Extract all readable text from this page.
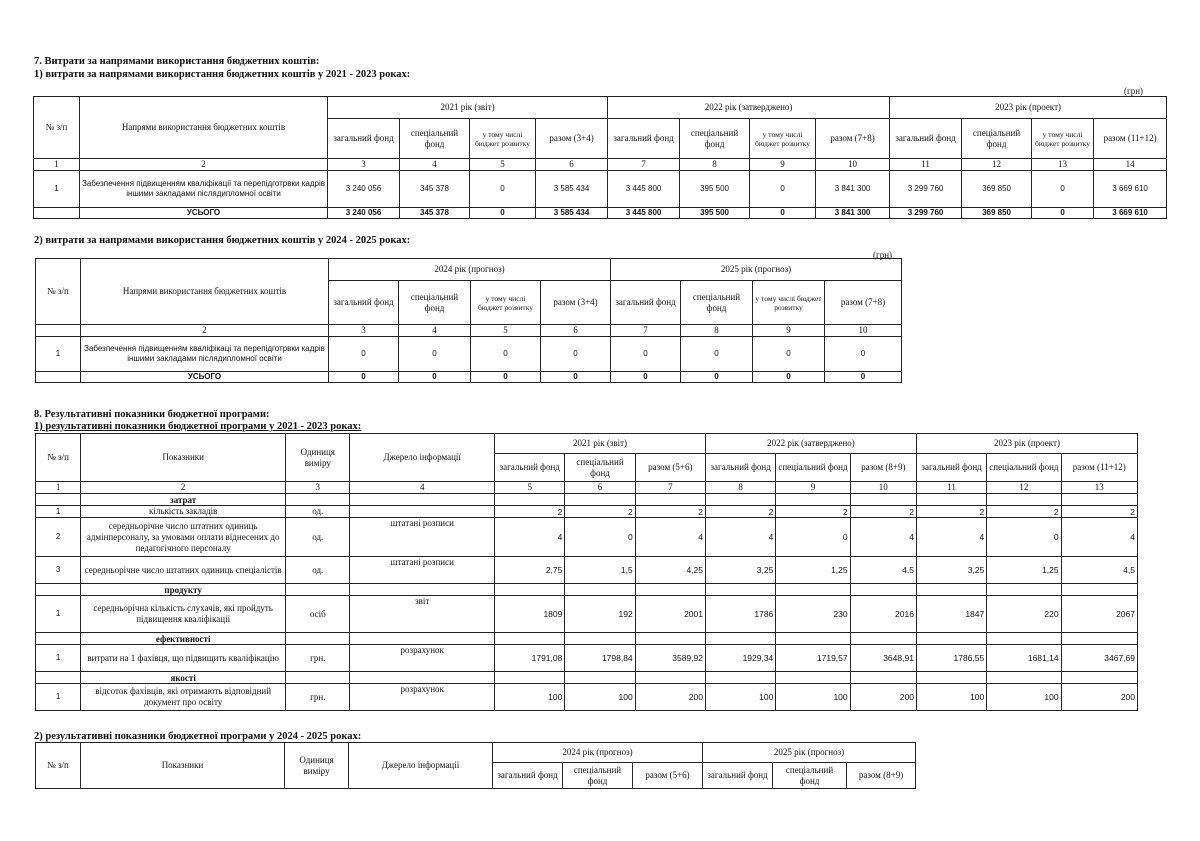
7. Витрати за напрямами використання бюджетних коштів:
1) витрати за напрямами використання бюджетних коштів у 2021 - 2023 роках:
(грн)
№ з/п	Напрями використання бюджетних коштів	2021 рік (звіт)				2022 рік (затверджено)				2023 рік (проект)			
		загальний фонд	спеціальний фонд	у тому числі бюджет розвитку	разом (3+4)	загальний фонд	спеціальний фонд	у тому числі бюджет розвитку	разом (7+8)	загальний фонд	спеціальний фонд	у тому числі бюджет розвитку	разом (11+12)
1	2	3	4	5	6	7	8	9	10	11	12	13	14
1	Забезпечення підвищенням кваліфікації та перепідготрвки кадрів іншими закладами післядипломної освіти	3 240 056	345 378	0	3 585 434	3 445 800	395 500	0	3 841 300	3 299 760	369 850	0	3 669 610
	УСЬОГО	3 240 056	345 378	0	3 585 434	3 445 800	395 500	0	3 841 300	3 299 760	369 850	0	3 669 610
2) витрати за напрямами використання бюджетних коштів у 2024 - 2025 роках:
(грн)
№ з/п	Напрями використання бюджетних коштів	2024 рік (прогноз)				2025 рік (прогноз)			
		загальний фонд	спеціальний фонд	у тому числі бюджет розвитку	разом (3+4)	загальний фонд	спеціальний фонд	у тому числі бюджет розвитку	разом (7+8)
	2	3	4	5	6	7	8	9	10
1	Забезпечення підвищенням кваліфікаці та перепідготрвки кадрів іншими закладами післядипломної освіти	0	0	0	0	0	0	0	0
	УСЬОГО	0	0	0	0	0	0	0	0
8. Результативні показники бюджетної програми:
1) результативні показники бюджетної програми у 2021 - 2023 роках:
№ з/п	Показники	Одиниця виміру	Джерело інформації	2021 рік (звіт)			2022 рік (затверджено)			2023 рік (проект)		
				загальний фонд	спеціальний фонд	разом (5+6)	загальний фонд	спеціальний фонд	разом (8+9)	загальний фонд	спеціальний фонд	разом (11+12)
1	2	3	4	5	6	7	8	9	10	11	12	13
	затрат											
1	кількість закладів	од.		2	2	2	2	2	2	2	2	2
2	середньорічне число штатних одиниць адмінперсоналу, за умовами оплати віднесених до педагогічного персоналу	од.	штатані розписи	4	0	4	4	0	4	4	0	4
3	середньорічне число штатних одиниць спеціалістів	од.	штатані розписи	2,75	1,5	4,25	3,25	1,25	4.5	3,25	1,25	4,5
	продукту											
1	середньорічна кількість слухачів, які пройдуть підвищення кваліфікації	осіб	звіт	1809	192	2001	1786	230	2016	1847	220	2067
	ефективності											
1	витрати на 1 фахівця, що підвищить кваліфікацію	грн.	розрахунок	1791,08	1798,84	3589,92	1929,34	1719,57	3648,91	1786,55	1681,14	3467,69
	якості											
1	відсоток фахівців, які отримають відповідний документ про освіту	грн.	розрахунок	100	100	200	100	100	200	100	100	200
2) результативні показники бюджетної програми у 2024 - 2025 роках:
№ з/п	Показники	Одиниця виміру	Джерело інформації	2024 рік (прогноз)			2025 рік (прогноз)		
				загальний фонд	спеціальний фонд	разом (5+6)	загальний фонд	спеціальний фонд	разом (8+9)
